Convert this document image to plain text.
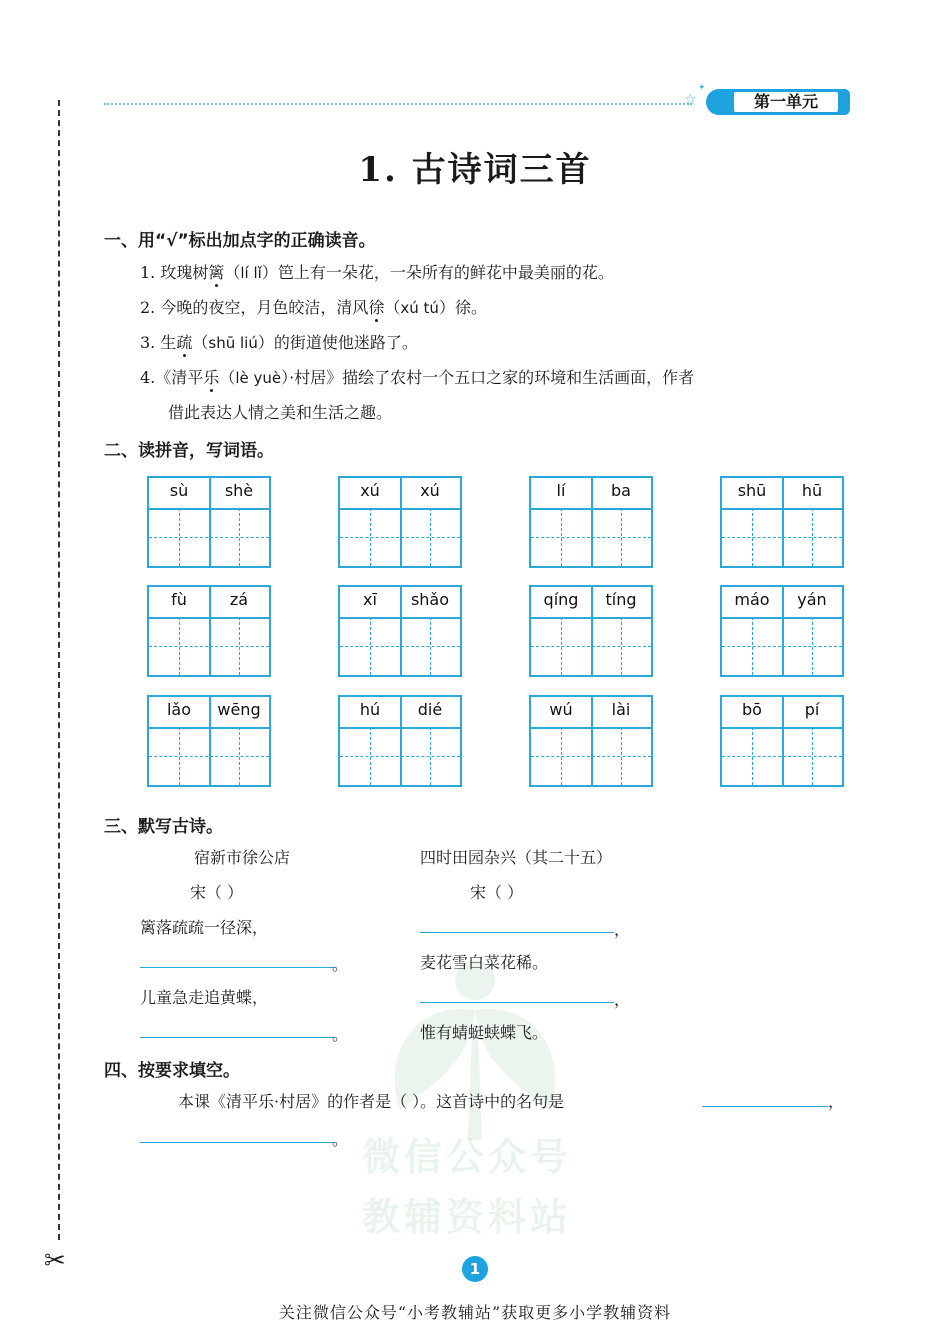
✂
☆
✦
第一单元
微信公众号
教辅资料站
1. 古诗词三首
一、用“√”标出加点字的正确读音。
1. 玫瑰树篱（lí lǐ）笆上有一朵花，一朵所有的鲜花中最美丽的花。
2. 今晚的夜空，月色皎洁，清风徐（xú tú）徐。
3. 生疏（shū liú）的街道使他迷路了。
4.《清平乐（lè yuè）·村居》描绘了农村一个五口之家的环境和生活画面，作者
借此表达人情之美和生活之趣。
二、读拼音，写词语。
sù	shè	xú	xú	lí	ba	shū	hū
fù	zá	xī	shǎo	qíng	tíng	máo	yán
lǎo	wēng	hú	dié	wú	lài	bō	pí
三、默写古诗。
宿新市徐公店
宋（ ）
篱落疏疏一径深，
。
儿童急走追黄蝶，
。
四时田园杂兴（其二十五）
宋（ ）
，
麦花雪白菜花稀。
，
惟有蜻蜓蛱蝶飞。
四、按要求填空。
本课《清平乐·村居》的作者是（ ）。这首诗中的名句是	，
。
1
关注微信公众号“小考教辅站”获取更多小学教辅资料
